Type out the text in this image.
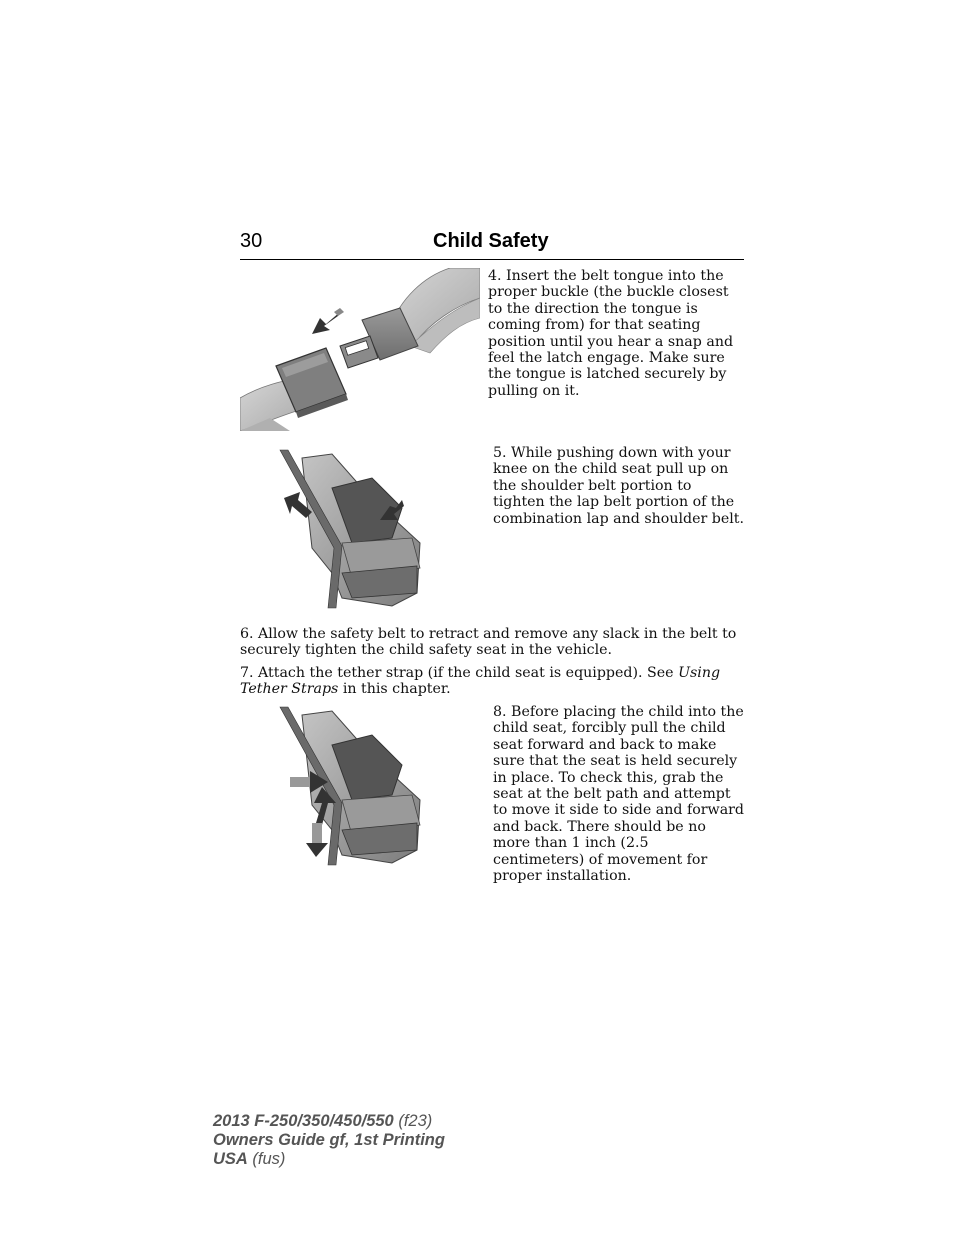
30	Child Safety
4. Insert the belt tongue into the proper buckle (the buckle closest to the direction the tongue is coming from) for that seating position until you hear a snap and feel the latch engage. Make sure the tongue is latched securely by pulling on it.
5. While pushing down with your knee on the child seat pull up on the shoulder belt portion to tighten the lap belt portion of the combination lap and shoulder belt.
6. Allow the safety belt to retract and remove any slack in the belt to securely tighten the child safety seat in the vehicle.
7. Attach the tether strap (if the child seat is equipped). See Using Tether Straps in this chapter.
8. Before placing the child into the child seat, forcibly pull the child seat forward and back to make sure that the seat is held securely in place. To check this, grab the seat at the belt path and attempt to move it side to side and forward and back. There should be no more than 1 inch (2.5 centimeters) of movement for proper installation.
2013 F-250/350/450/550 (f23)
Owners Guide gf, 1st Printing
USA (fus)
